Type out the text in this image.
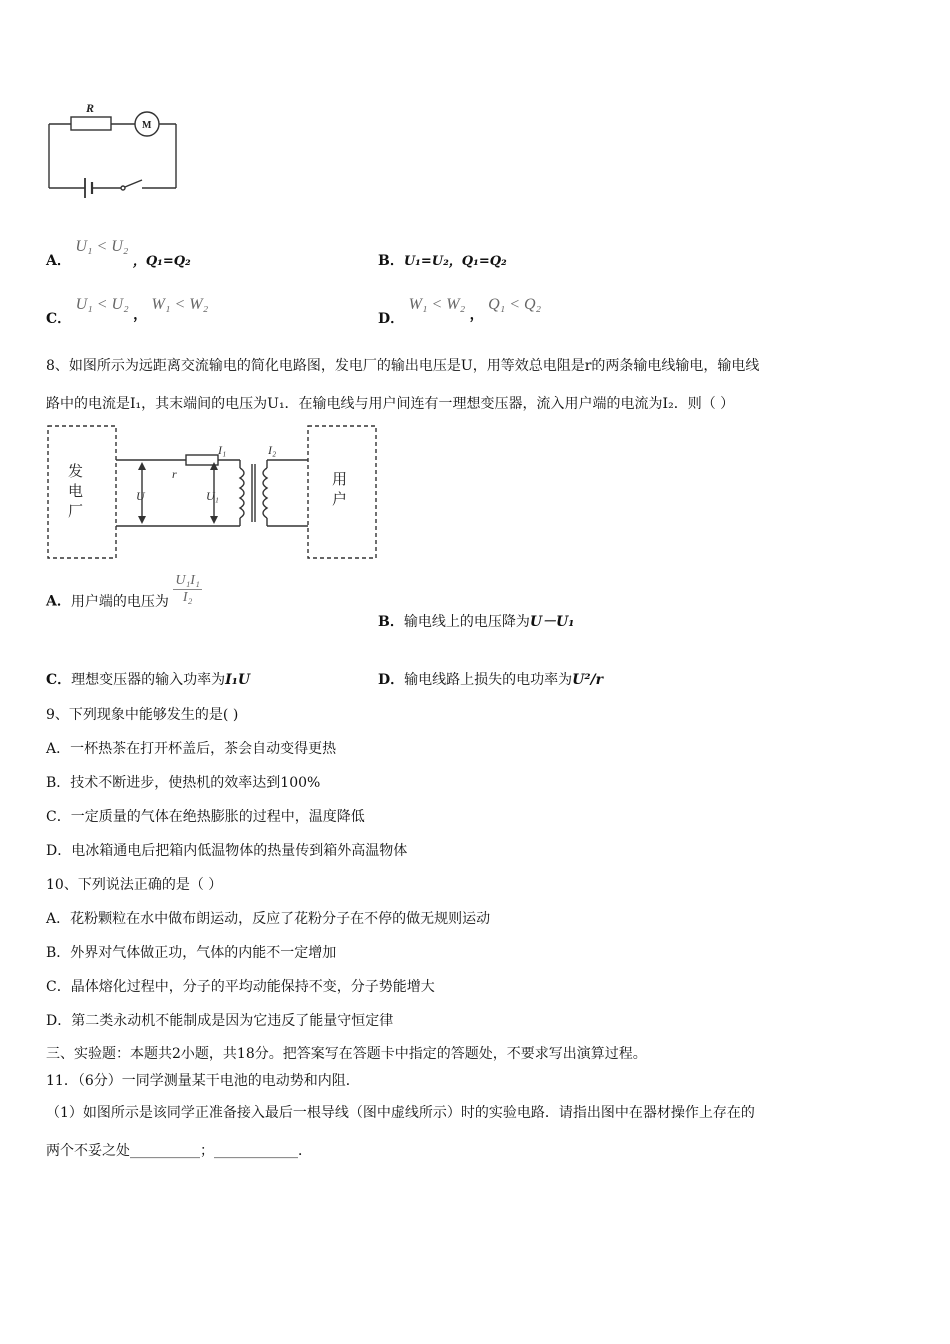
R
M
A． U₁ < U₂ ，Q₁=Q₂	B．U₁=U₂，Q₁=Q₂
C． U₁ < U₂ ， W₁ < W₂
D． W₁ < W₂ ， Q₁ < Q₂
8、如图所示为远距离交流输电的简化电路图，发电厂的输出电压是U，用等效总电阻是r的两条输电线输电，输电线
路中的电流是I₁，其末端间的电压为U₁．在输电线与用户间连有一理想变压器，流入用户端的电流为I₂．则（ ）
发
电
厂
用
户
r
U	U₁
I₁	I₂
A．用户端的电压为 $\frac{\text{U₁I₁}}{\text{I₂}}$
B．输电线上的电压降为U－U₁
C．理想变压器的输入功率为I₁U	D．输电线路上损失的电功率为U²/r
9、下列现象中能够发生的是( )
A．一杯热茶在打开杯盖后，茶会自动变得更热
B．技术不断进步，使热机的效率达到100%
C．一定质量的气体在绝热膨胀的过程中，温度降低
D．电冰箱通电后把箱内低温物体的热量传到箱外高温物体
10、下列说法正确的是（ ）
A．花粉颗粒在水中做布朗运动，反应了花粉分子在不停的做无规则运动
B．外界对气体做正功，气体的内能不一定增加
C．晶体熔化过程中，分子的平均动能保持不变，分子势能增大
D．第二类永动机不能制成是因为它违反了能量守恒定律
三、实验题：本题共2小题，共18分。把答案写在答题卡中指定的答题处，不要求写出演算过程。
11．（6分）一同学测量某干电池的电动势和内阻．
（1）如图所示是该同学正准备接入最后一根导线（图中虚线所示）时的实验电路．请指出图中在器材操作上存在的
两个不妥之处__________；____________．
